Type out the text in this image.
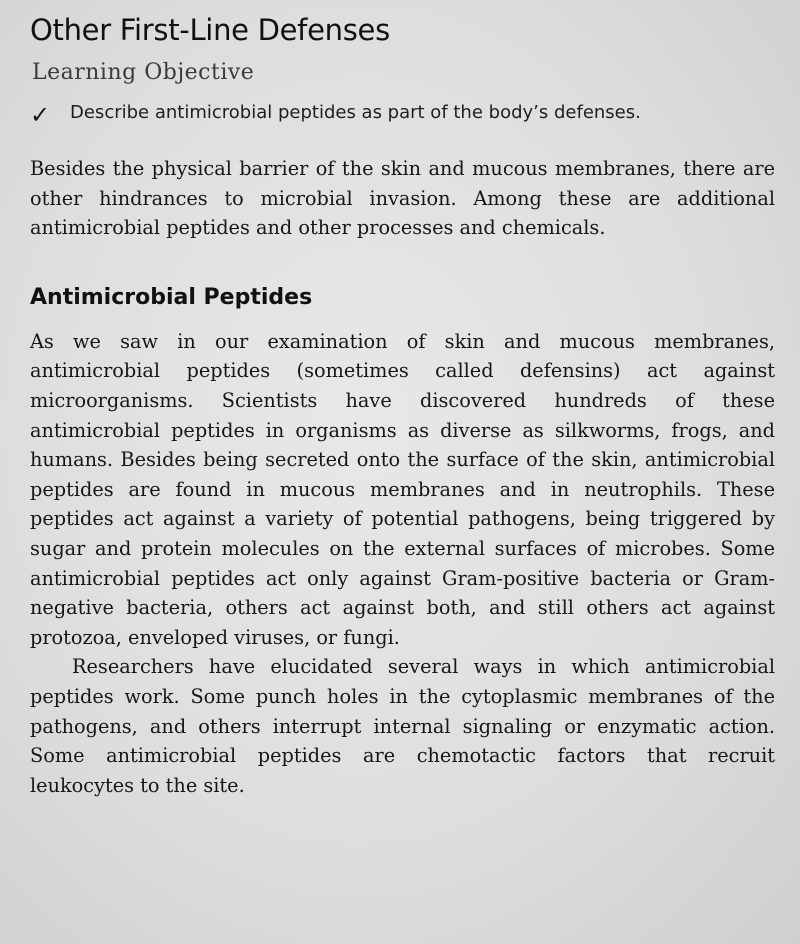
Other First-Line Defenses
Learning Objective
✓	Describe antimicrobial peptides as part of the body’s defenses.

Besides the physical barrier of the skin and mucous membranes, there are other hindrances to microbial invasion. Among these are additional antimicrobial peptides and other processes and chemicals.

Antimicrobial Peptides

As we saw in our examination of skin and mucous membranes, antimicrobial peptides (sometimes called defensins) act against microorganisms. Scientists have discovered hundreds of these antimicrobial peptides in organisms as diverse as silkworms, frogs, and humans. Besides being secreted onto the surface of the skin, antimicrobial peptides are found in mucous membranes and in neutrophils. These peptides act against a variety of potential pathogens, being triggered by sugar and protein molecules on the external surfaces of microbes. Some antimicrobial peptides act only against Gram-positive bacteria or Gram-negative bacteria, others act against both, and still others act against protozoa, enveloped viruses, or fungi.

Researchers have elucidated several ways in which antimicrobial peptides work. Some punch holes in the cytoplasmic membranes of the pathogens, and others interrupt internal signaling or enzymatic action. Some antimicrobial peptides are chemotactic factors that recruit leukocytes to the site.
